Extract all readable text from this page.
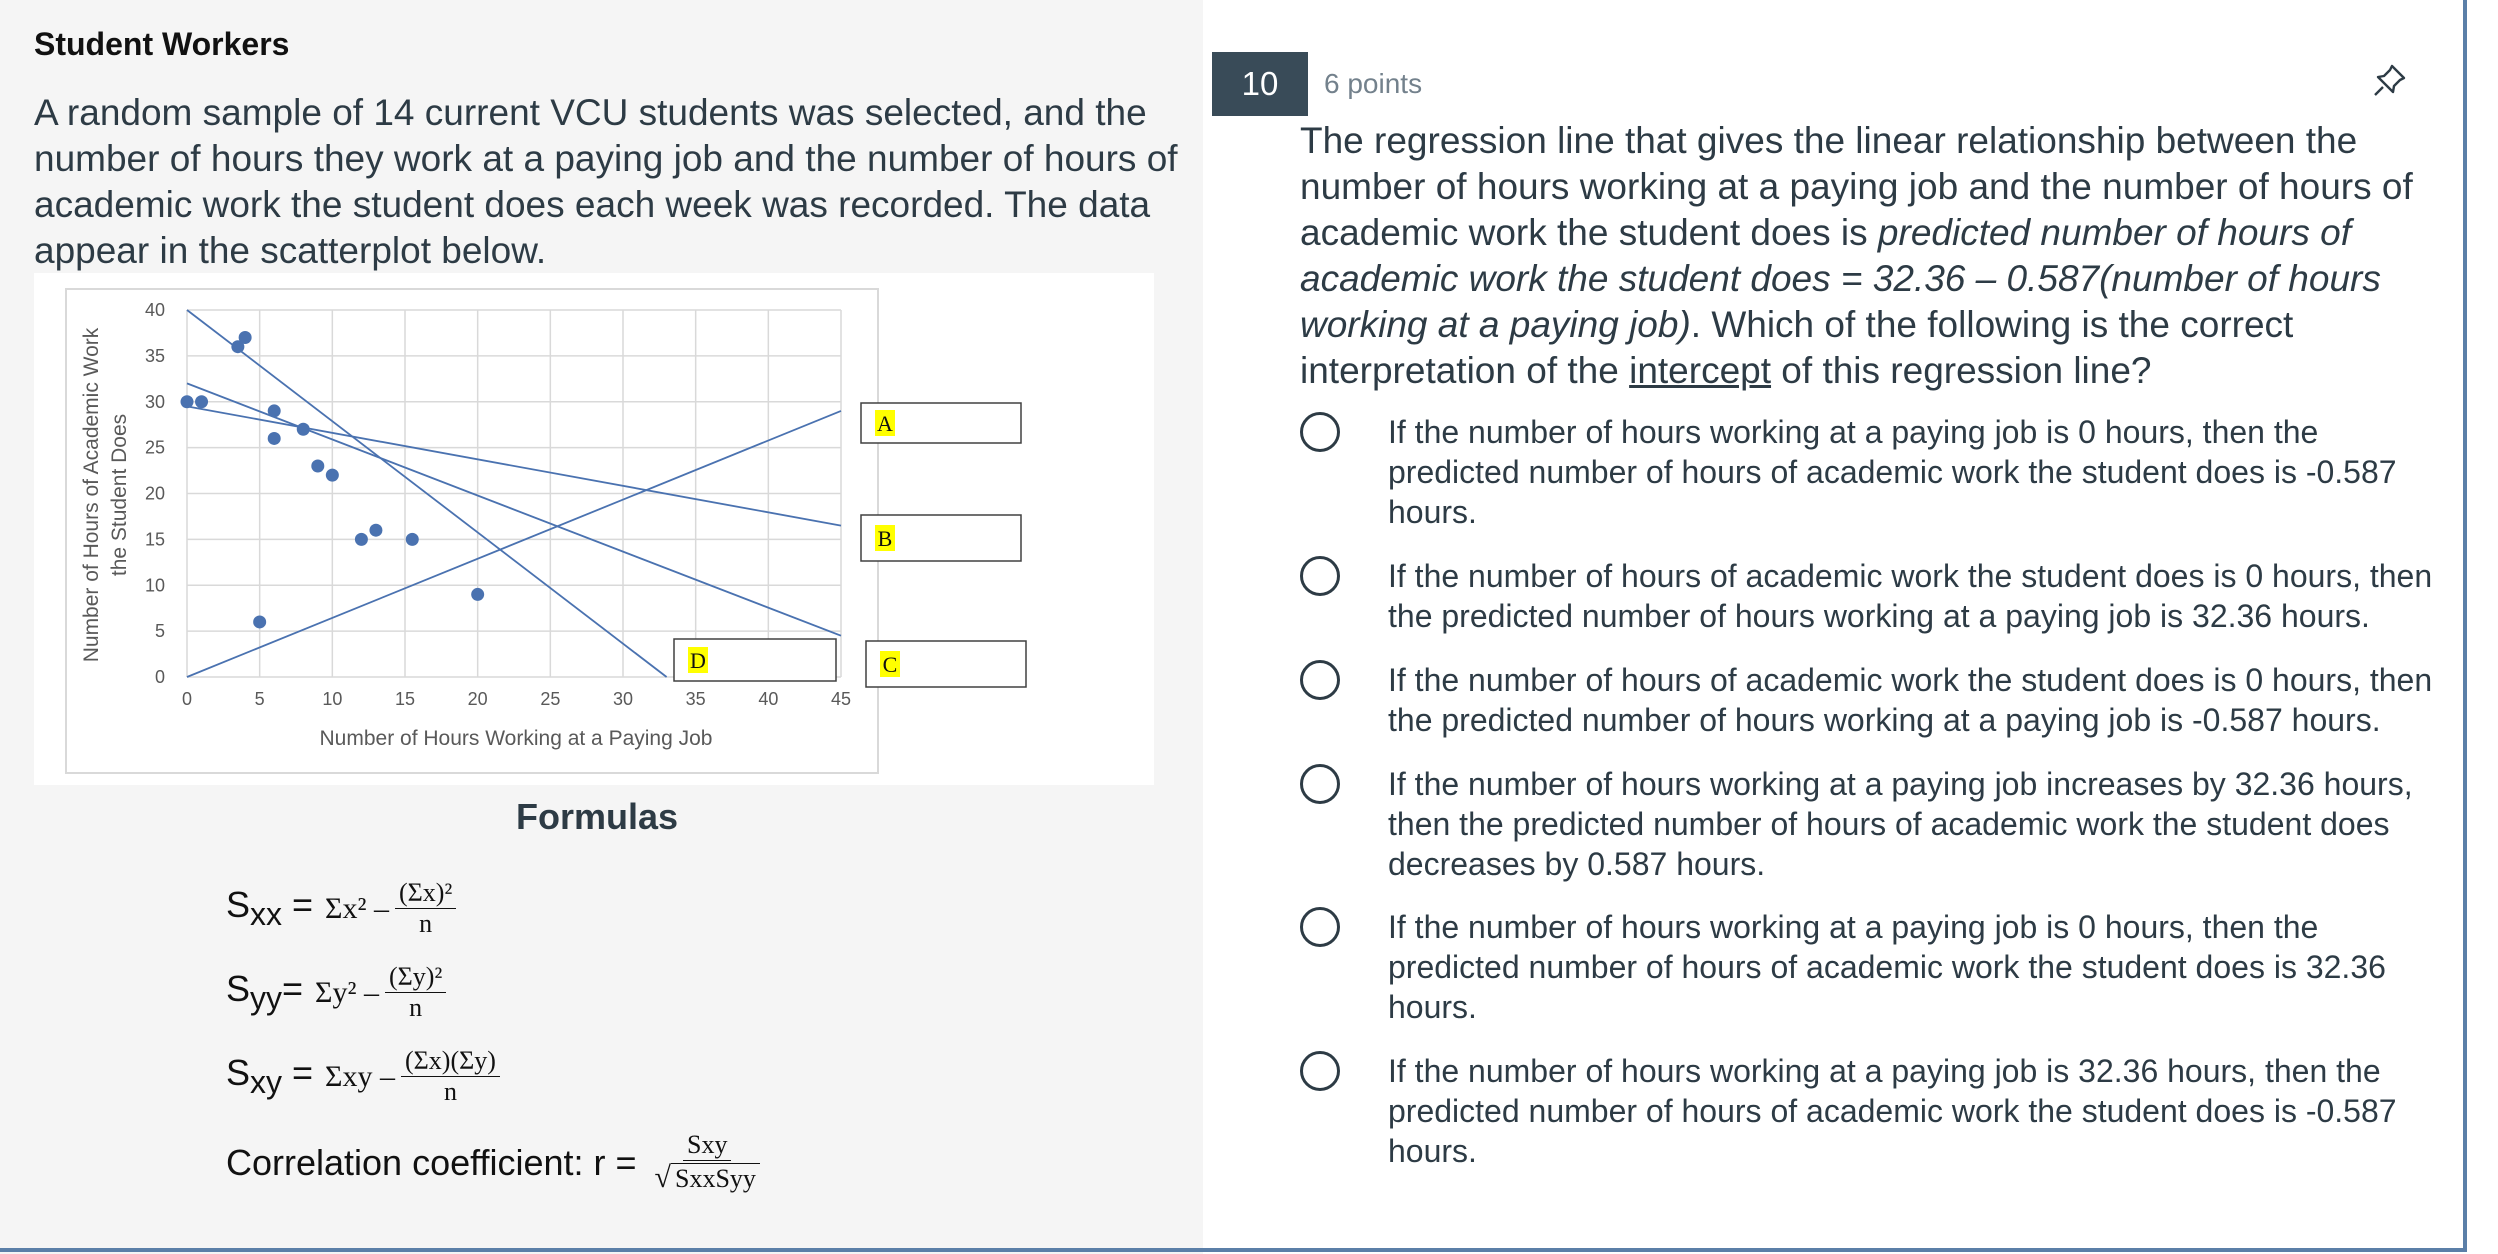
Student Workers
A random sample of 14 current VCU students was selected, and the number of hours they work at a paying job and the number of hours of academic work the student does each week was recorded. The data appear in the scatterplot below.
0
5
10
15
20
25
30
35
40
0	5	10	15	20	25	30	35	40	45
Number of Hours Working at a Paying Job
Number of Hours of Academic Work the Student Does	A
B
C
D
Formulas
$S_{xx} = \Sigma x^2 - \frac{\text{(Σx)²}}{n}$
$S_{yy}= \Sigma y^2 - \frac{\text{(Σy)²}}{n}$
$S_{xy} = \Sigma xy - \frac{(\Sigma x)(\Sigma y)}{n}$
Correlation coefficient: $r = \frac{\text{Sxy}}{\text{√ SxxSyy}}$
10	6 points
The regression line that gives the linear relationship between the number of hours working at a paying job and the number of hours of academic work the student does is predicted number of hours of academic work the student does = 32.36 – 0.587(number of hours working at a paying job). Which of the following is the correct interpretation of the intercept of this regression line?
If the number of hours working at a paying job is 0 hours, then the predicted number of hours of academic work the student does is -0.587 hours.
If the number of hours of academic work the student does is 0 hours, then the predicted number of hours working at a paying job is 32.36 hours.
If the number of hours of academic work the student does is 0 hours, then the predicted number of hours working at a paying job is -0.587 hours.
If the number of hours working at a paying job increases by 32.36 hours, then the predicted number of hours of academic work the student does decreases by 0.587 hours.
If the number of hours working at a paying job is 0 hours, then the predicted number of hours of academic work the student does is 32.36 hours.
If the number of hours working at a paying job is 32.36 hours, then the predicted number of hours of academic work the student does is -0.587 hours.
